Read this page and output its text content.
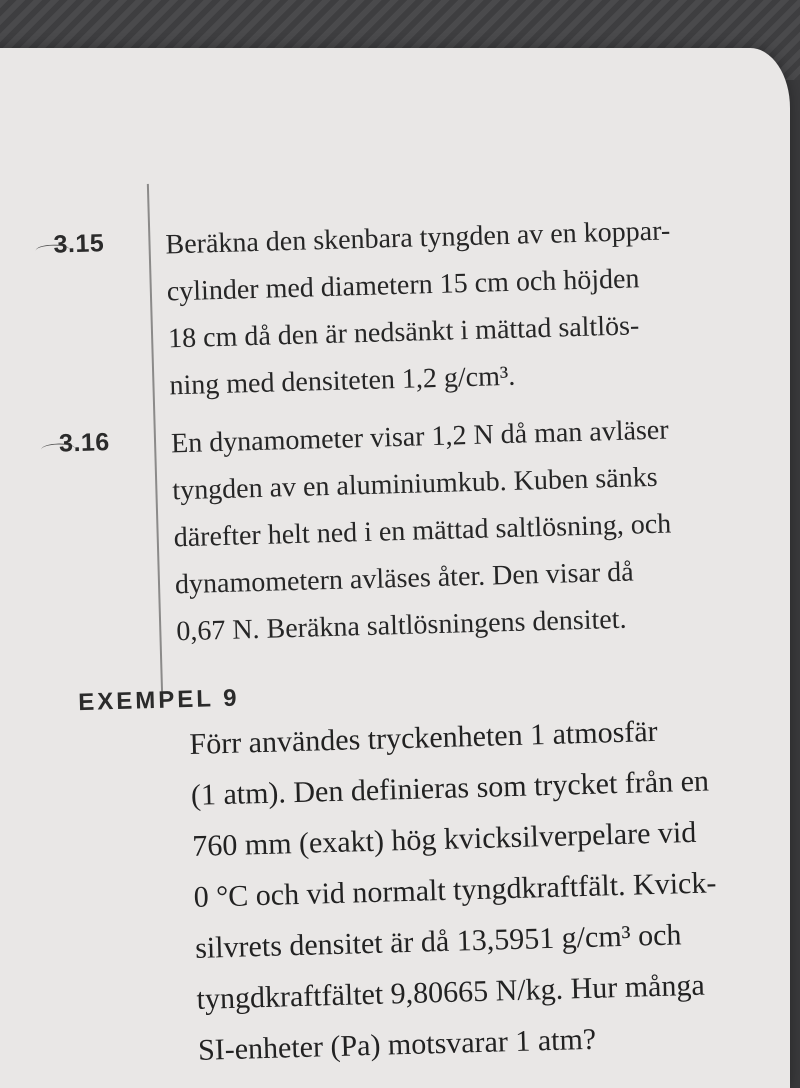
3.15	Beräkna den skenbara tyngden av en koppar-
cylinder med diametern 15 cm och höjden
18 cm då den är nedsänkt i mättad saltlös-
ning med densiteten 1,2 g/cm³.
3.16	En dynamometer visar 1,2 N då man avläser
tyngden av en aluminiumkub. Kuben sänks
därefter helt ned i en mättad saltlösning, och
dynamometern avläses åter. Den visar då
0,67 N. Beräkna saltlösningens densitet.
EXEMPEL 9
Förr användes tryckenheten 1 atmosfär
(1 atm). Den definieras som trycket från en
760 mm (exakt) hög kvicksilverpelare vid
0 °C och vid normalt tyngdkraftfält. Kvick-
silvrets densitet är då 13,5951 g/cm³ och
tyngdkraftfältet 9,80665 N/kg. Hur många
SI-enheter (Pa) motsvarar 1 atm?
